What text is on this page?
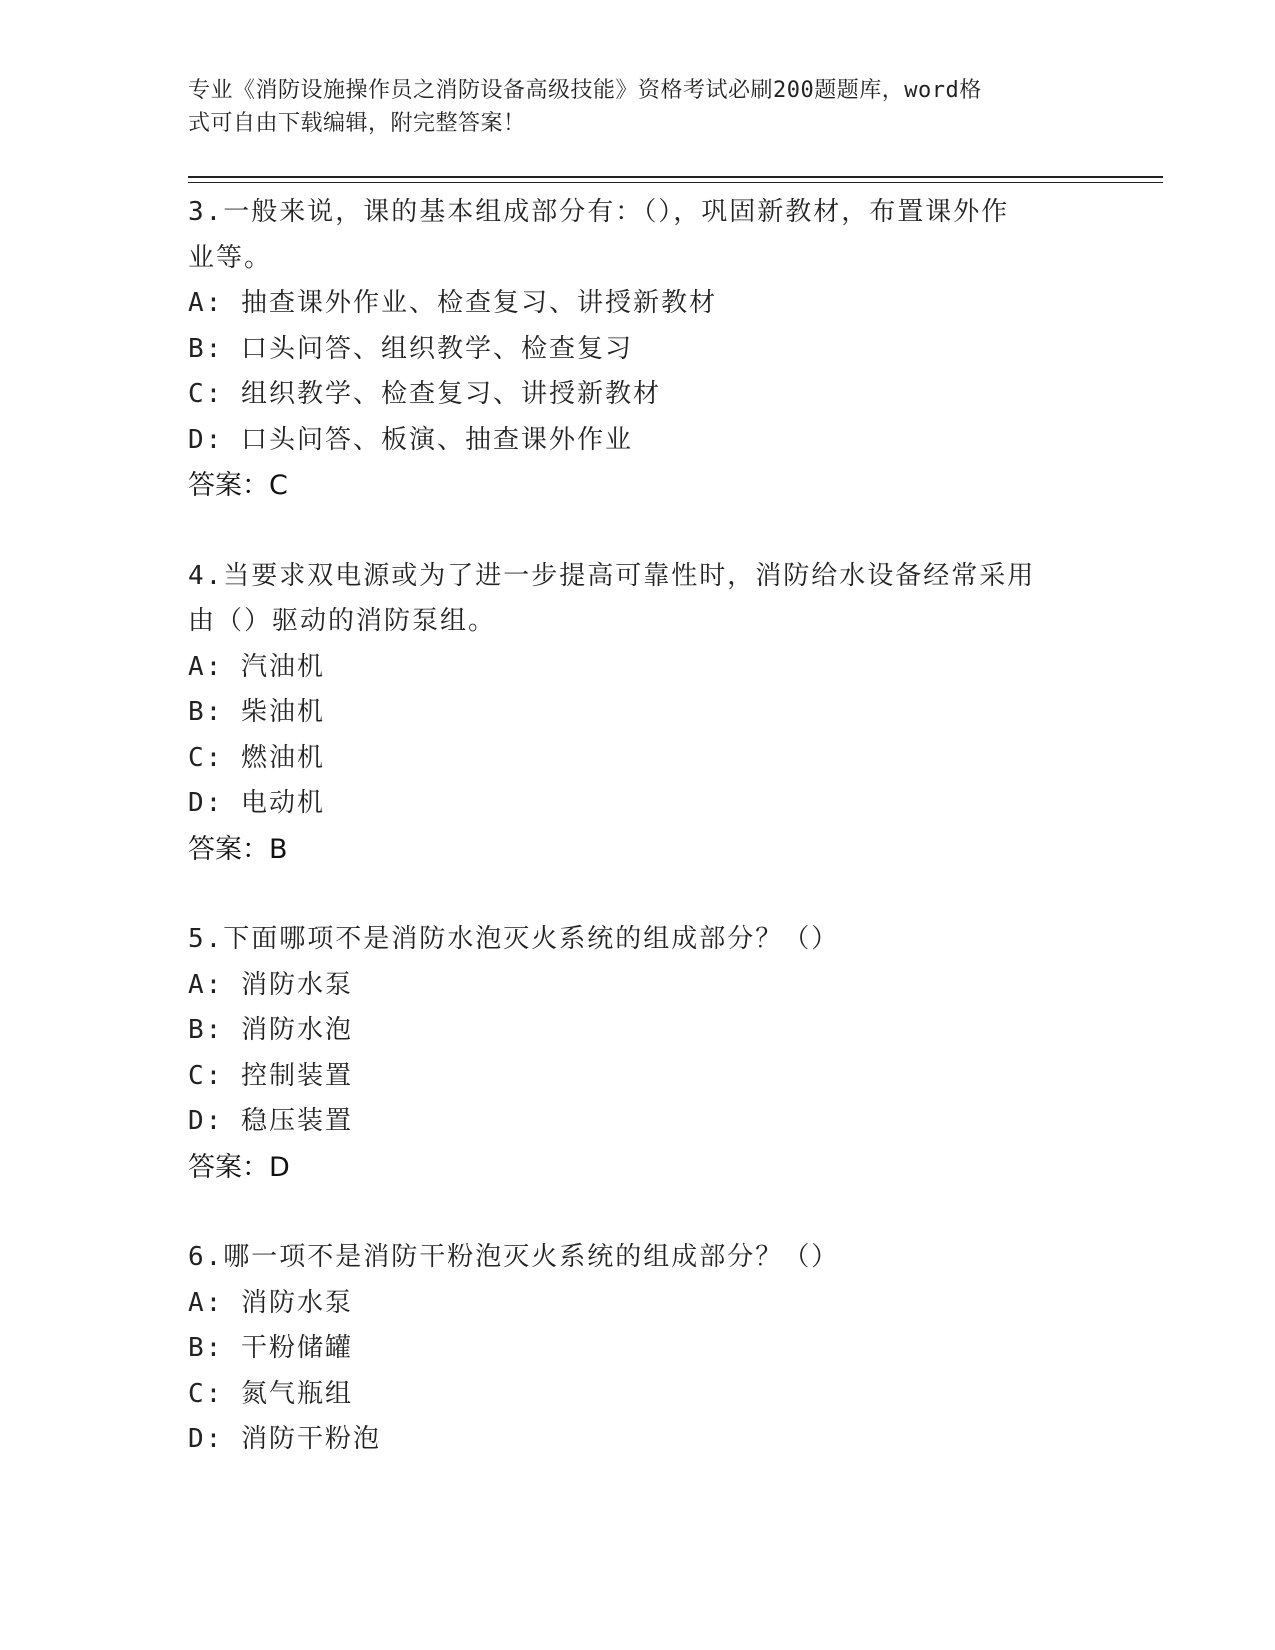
专业《消防设施操作员之消防设备高级技能》资格考试必刷200题题库，word格
式可自由下载编辑，附完整答案！
3.一般来说，课的基本组成部分有：（），巩固新教材，布置课外作
业等。
A: 抽查课外作业、检查复习、讲授新教材
B: 口头问答、组织教学、检查复习
C: 组织教学、检查复习、讲授新教材
D: 口头问答、板演、抽查课外作业
答案：C
4.当要求双电源或为了进一步提高可靠性时，消防给水设备经常采用
由（）驱动的消防泵组。
A: 汽油机
B: 柴油机
C: 燃油机
D: 电动机
答案：B
5.下面哪项不是消防水泡灭火系统的组成部分？（）
A: 消防水泵
B: 消防水泡
C: 控制装置
D: 稳压装置
答案：D
6.哪一项不是消防干粉泡灭火系统的组成部分？（）
A: 消防水泵
B: 干粉储罐
C: 氮气瓶组
D: 消防干粉泡
